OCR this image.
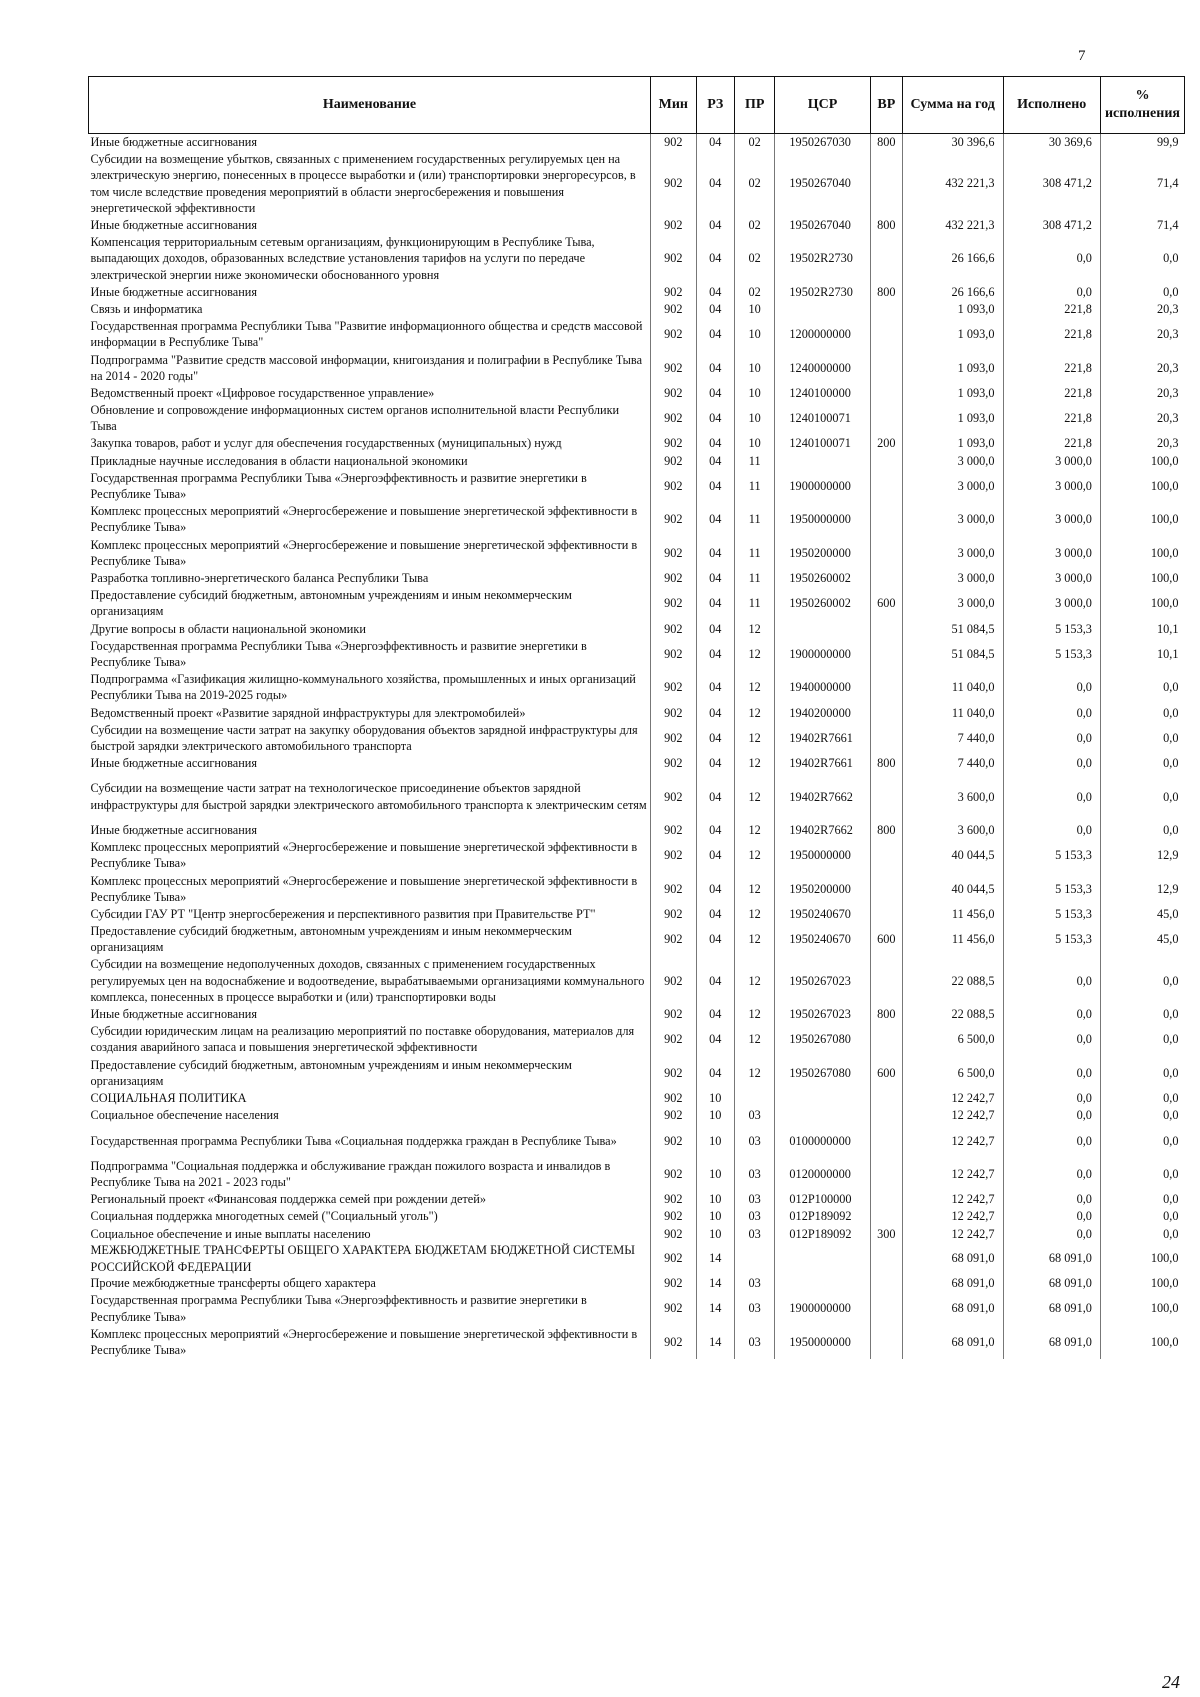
7
Наименование	Мин	РЗ	ПР	ЦСР	ВР	Сумма на год	Исполнено	% исполнения
Иные бюджетные ассигнования	902	04	02	1950267030	800	30 396,6	30 369,6	99,9
Субсидии на возмещение убытков, связанных с применением государственных регулируемых цен на электрическую энергию, понесенных в процессе выработки и (или) транспортировки энергоресурсов, в том числе вследствие проведения мероприятий в области энергосбережения и повышения энергетической эффективности	902	04	02	1950267040		432 221,3	308 471,2	71,4
Иные бюджетные ассигнования	902	04	02	1950267040	800	432 221,3	308 471,2	71,4
Компенсация территориальным сетевым организациям, функционирующим в Республике Тыва, выпадающих доходов, образованных вследствие установления тарифов на услуги по передаче электрической энергии ниже экономически обоснованного уровня	902	04	02	19502R2730		26 166,6	0,0	0,0
Иные бюджетные ассигнования	902	04	02	19502R2730	800	26 166,6	0,0	0,0
Связь и информатика	902	04	10			1 093,0	221,8	20,3
Государственная программа Республики Тыва "Развитие информационного общества и средств массовой информации в Республике Тыва"	902	04	10	1200000000		1 093,0	221,8	20,3
Подпрограмма "Развитие средств массовой информации, книгоиздания и полиграфии в Республике Тыва на 2014 - 2020 годы"	902	04	10	1240000000		1 093,0	221,8	20,3
Ведомственный проект «Цифровое государственное управление»	902	04	10	1240100000		1 093,0	221,8	20,3
Обновление и сопровождение информационных систем органов исполнительной власти Республики Тыва	902	04	10	1240100071		1 093,0	221,8	20,3
Закупка товаров, работ и услуг для обеспечения государственных (муниципальных) нужд	902	04	10	1240100071	200	1 093,0	221,8	20,3
Прикладные научные исследования в области национальной экономики	902	04	11			3 000,0	3 000,0	100,0
Государственная программа Республики Тыва «Энергоэффективность и развитие энергетики в Республике Тыва»	902	04	11	1900000000		3 000,0	3 000,0	100,0
Комплекс процессных мероприятий «Энергосбережение и повышение энергетической эффективности в Республике Тыва»	902	04	11	1950000000		3 000,0	3 000,0	100,0
Комплекс процессных мероприятий «Энергосбережение и повышение энергетической эффективности в Республике Тыва»	902	04	11	1950200000		3 000,0	3 000,0	100,0
Разработка топливно-энергетического баланса Республики Тыва	902	04	11	1950260002		3 000,0	3 000,0	100,0
Предоставление субсидий бюджетным, автономным учреждениям и иным некоммерческим организациям	902	04	11	1950260002	600	3 000,0	3 000,0	100,0
Другие вопросы в области национальной экономики	902	04	12			51 084,5	5 153,3	10,1
Государственная программа Республики Тыва «Энергоэффективность и развитие энергетики в Республике Тыва»	902	04	12	1900000000		51 084,5	5 153,3	10,1
Подпрограмма «Газификация жилищно-коммунального хозяйства, промышленных и иных организаций Республики Тыва на 2019-2025 годы»	902	04	12	1940000000		11 040,0	0,0	0,0
Ведомственный проект «Развитие зарядной инфраструктуры для электромобилей»	902	04	12	1940200000		11 040,0	0,0	0,0
Субсидии на возмещение части затрат на закупку оборудования объектов зарядной инфраструктуры для быстрой зарядки электрического автомобильного транспорта	902	04	12	19402R7661		7 440,0	0,0	0,0
Иные бюджетные ассигнования	902	04	12	19402R7661	800	7 440,0	0,0	0,0
Субсидии на возмещение части затрат на технологическое присоединение объектов зарядной инфраструктуры для быстрой зарядки электрического автомобильного транспорта к электрическим сетям	902	04	12	19402R7662		3 600,0	0,0	0,0
Иные бюджетные ассигнования	902	04	12	19402R7662	800	3 600,0	0,0	0,0
Комплекс процессных мероприятий «Энергосбережение и повышение энергетической эффективности в Республике Тыва»	902	04	12	1950000000		40 044,5	5 153,3	12,9
Комплекс процессных мероприятий «Энергосбережение и повышение энергетической эффективности в Республике Тыва»	902	04	12	1950200000		40 044,5	5 153,3	12,9
Субсидии ГАУ РТ "Центр энергосбережения и перспективного развития при Правительстве РТ"	902	04	12	1950240670		11 456,0	5 153,3	45,0
Предоставление субсидий бюджетным, автономным учреждениям и иным некоммерческим организациям	902	04	12	1950240670	600	11 456,0	5 153,3	45,0
Субсидии на возмещение недополученных доходов, связанных с применением государственных регулируемых цен на водоснабжение и водоотведение, вырабатываемыми организациями коммунального комплекса, понесенных в процессе выработки и (или) транспортировки воды	902	04	12	1950267023		22 088,5	0,0	0,0
Иные бюджетные ассигнования	902	04	12	1950267023	800	22 088,5	0,0	0,0
Субсидии юридическим лицам на реализацию мероприятий по поставке оборудования, материалов для создания аварийного запаса и повышения энергетической эффективности	902	04	12	1950267080		6 500,0	0,0	0,0
Предоставление субсидий бюджетным, автономным учреждениям и иным некоммерческим организациям	902	04	12	1950267080	600	6 500,0	0,0	0,0
СОЦИАЛЬНАЯ ПОЛИТИКА	902	10				12 242,7	0,0	0,0
Социальное обеспечение населения	902	10	03			12 242,7	0,0	0,0
Государственная программа Республики Тыва «Социальная поддержка граждан в Республике Тыва»	902	10	03	0100000000		12 242,7	0,0	0,0
Подпрограмма "Социальная поддержка и обслуживание граждан пожилого возраста и инвалидов в Республике Тыва на 2021 - 2023 годы"	902	10	03	0120000000		12 242,7	0,0	0,0
Региональный проект «Финансовая поддержка семей при рождении детей»	902	10	03	012P100000		12 242,7	0,0	0,0
Социальная поддержка многодетных семей ("Социальный уголь")	902	10	03	012P189092		12 242,7	0,0	0,0
Социальное обеспечение и иные выплаты населению	902	10	03	012P189092	300	12 242,7	0,0	0,0
МЕЖБЮДЖЕТНЫЕ ТРАНСФЕРТЫ ОБЩЕГО ХАРАКТЕРА БЮДЖЕТАМ БЮДЖЕТНОЙ СИСТЕМЫ РОССИЙСКОЙ ФЕДЕРАЦИИ	902	14				68 091,0	68 091,0	100,0
Прочие межбюджетные трансферты общего характера	902	14	03			68 091,0	68 091,0	100,0
Государственная программа Республики Тыва «Энергоэффективность и развитие энергетики в Республике Тыва»	902	14	03	1900000000		68 091,0	68 091,0	100,0
Комплекс процессных мероприятий «Энергосбережение и повышение энергетической эффективности в Республике Тыва»	902	14	03	1950000000		68 091,0	68 091,0	100,0
24
